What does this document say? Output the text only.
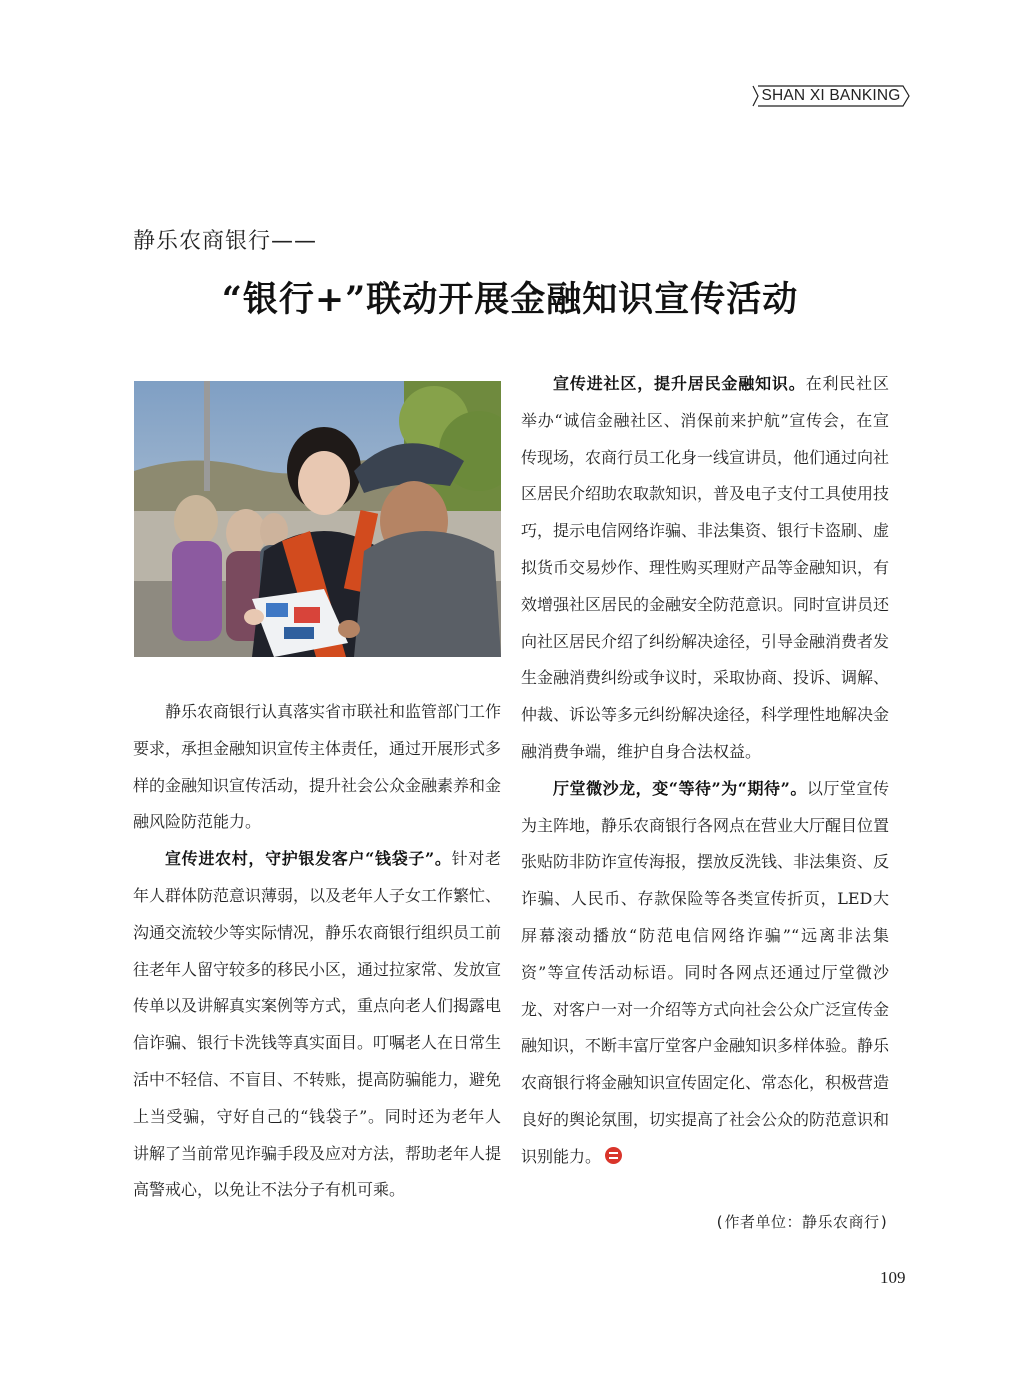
SHAN XI BANKING
静乐农商银行——
“银行+”联动开展金融知识宣传活动

静乐农商银行认真落实省市联社和监管部门工作要求，承担金融知识宣传主体责任，通过开展形式多样的金融知识宣传活动，提升社会公众金融素养和金融风险防范能力。

宣传进农村，守护银发客户“钱袋子”。针对老年人群体防范意识薄弱，以及老年人子女工作繁忙、沟通交流较少等实际情况，静乐农商银行组织员工前往老年人留守较多的移民小区，通过拉家常、发放宣传单以及讲解真实案例等方式，重点向老人们揭露电信诈骗、银行卡洗钱等真实面目。叮嘱老人在日常生活中不轻信、不盲目、不转账，提高防骗能力，避免上当受骗，守好自己的“钱袋子”。同时还为老年人讲解了当前常见诈骗手段及应对方法，帮助老年人提高警戒心，以免让不法分子有机可乘。

宣传进社区，提升居民金融知识。在利民社区举办“诚信金融社区、消保前来护航”宣传会，在宣传现场，农商行员工化身一线宣讲员，他们通过向社区居民介绍助农取款知识，普及电子支付工具使用技巧，提示电信网络诈骗、非法集资、银行卡盗刷、虚拟货币交易炒作、理性购买理财产品等金融知识，有效增强社区居民的金融安全防范意识。同时宣讲员还向社区居民介绍了纠纷解决途径，引导金融消费者发生金融消费纠纷或争议时，采取协商、投诉、调解、仲裁、诉讼等多元纠纷解决途径，科学理性地解决金融消费争端，维护自身合法权益。

厅堂微沙龙，变“等待”为“期待”。以厅堂宣传为主阵地，静乐农商银行各网点在营业大厅醒目位置张贴防非防诈宣传海报，摆放反洗钱、非法集资、反诈骗、人民币、存款保险等各类宣传折页，LED大屏幕滚动播放“防范电信网络诈骗”“远离非法集资”等宣传活动标语。同时各网点还通过厅堂微沙龙、对客户一对一介绍等方式向社会公众广泛宣传金融知识，不断丰富厅堂客户金融知识多样体验。静乐农商银行将金融知识宣传固定化、常态化，积极营造良好的舆论氛围，切实提高了社会公众的防范意识和识别能力。

(作者单位：静乐农商行)
109
